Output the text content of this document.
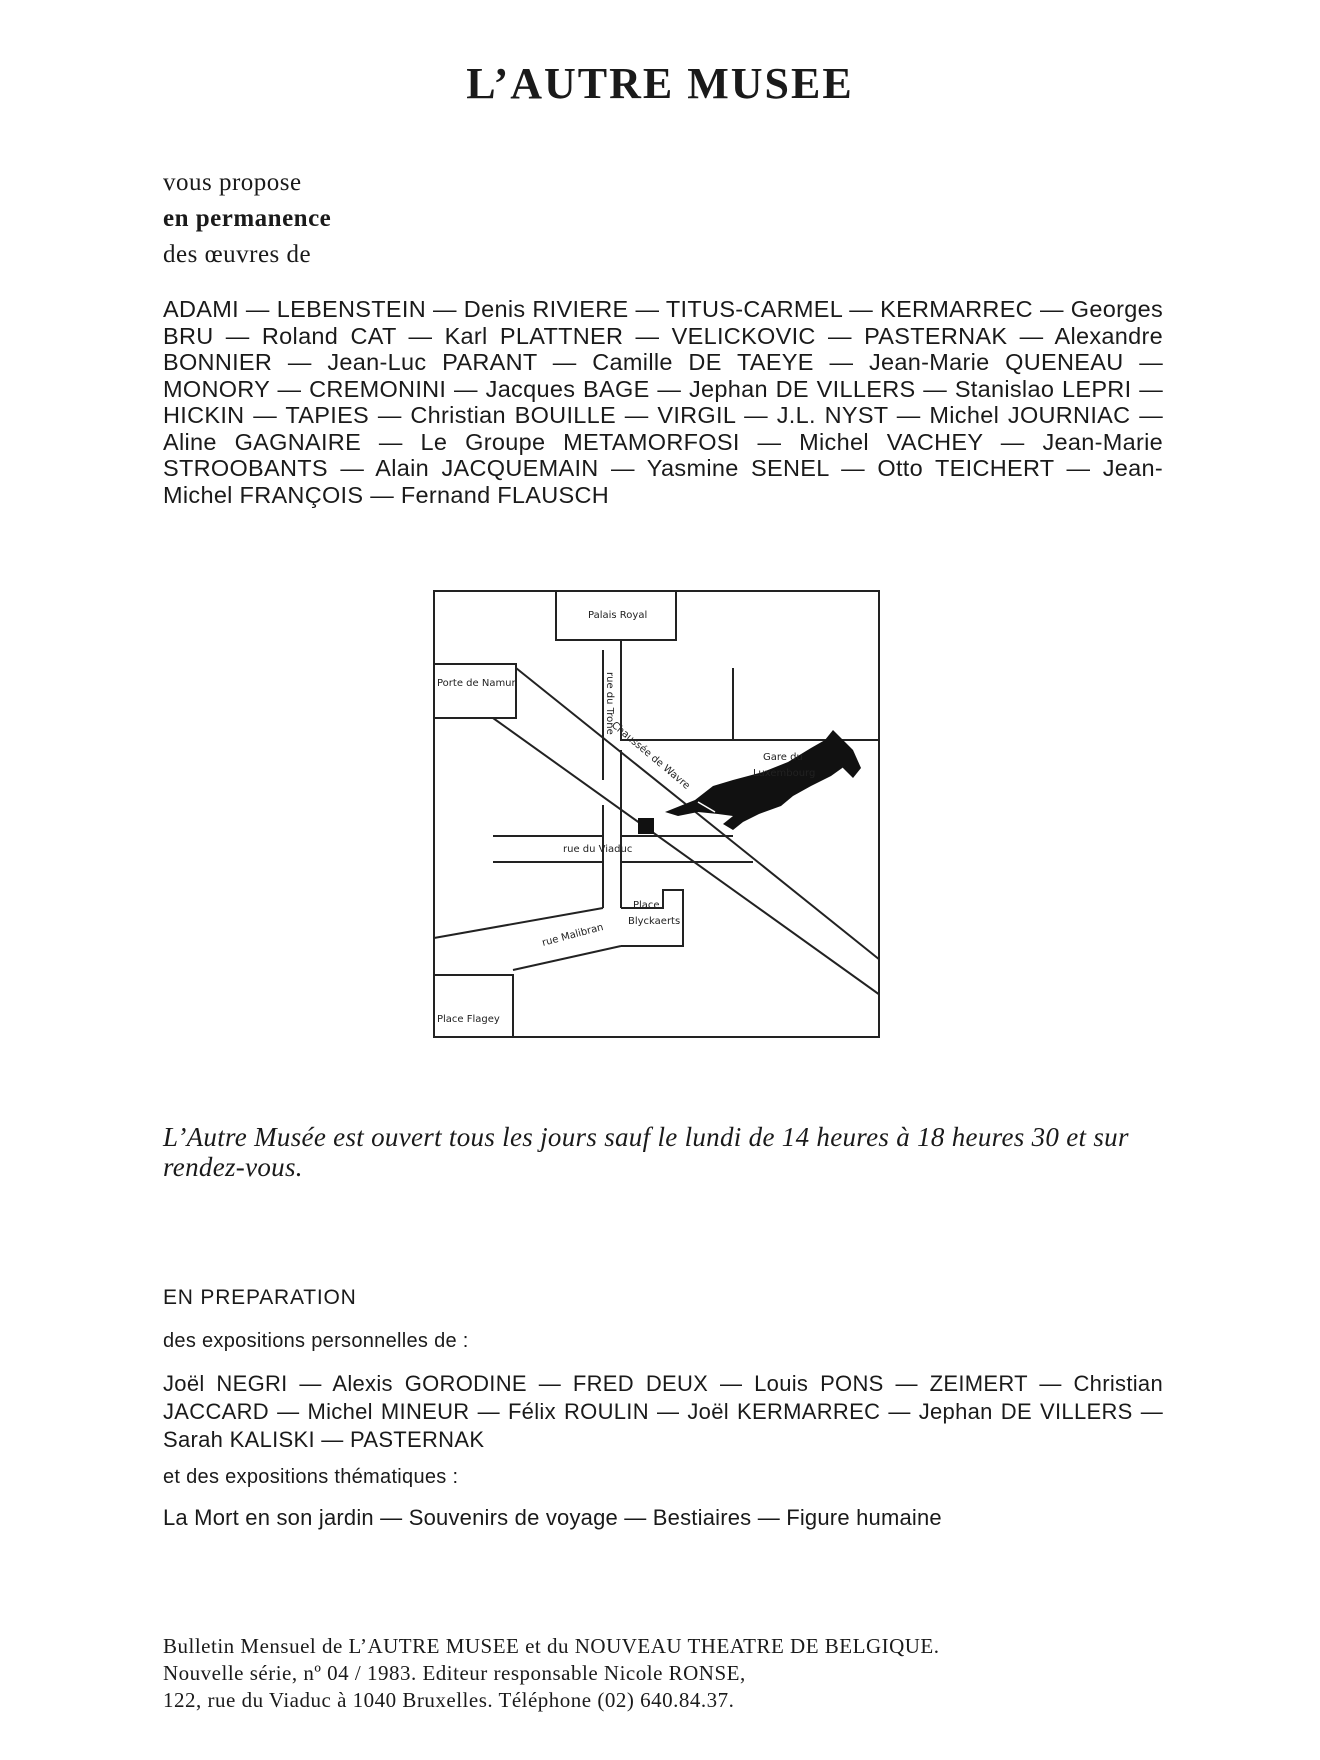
L’AUTRE MUSEE
vous propose
en permanence
des œuvres de

ADAMI — LEBENSTEIN — Denis RIVIERE — TITUS-CARMEL — KERMARREC — Georges BRU — Roland CAT — Karl PLATTNER — VELICKOVIC — PASTERNAK — Alexandre BONNIER — Jean-Luc PARANT — Camille DE TAEYE — Jean-Marie QUENEAU — MONORY — CREMONINI — Jacques BAGE — Jephan DE VILLERS — Stanislao LEPRI — HICKIN — TAPIES — Christian BOUILLE — VIRGIL — J.L. NYST — Michel JOURNIAC — Aline GAGNAIRE — Le Groupe METAMORFOSI — Michel VACHEY — Jean-Marie STROOBANTS — Alain JACQUEMAIN — Yasmine SENEL — Otto TEICHERT — Jean-Michel FRANÇOIS — Fernand FLAUSCH

Palais Royal
Porte de Namur	rue du Trone
Gare du
Luxembourg
Chaussée de Wavre
rue du Viaduc
Place
Blyckaerts
rue Malibran
Place Flagey

L’Autre Musée est ouvert tous les jours sauf le lundi de 14 heures à 18 heures 30 et sur rendez-vous.

EN PREPARATION

des expositions personnelles de :

Joël NEGRI — Alexis GORODINE — FRED DEUX — Louis PONS — ZEIMERT — Christian JACCARD — Michel MINEUR — Félix ROULIN — Joël KERMARREC — Jephan DE VILLERS — Sarah KALISKI — PASTERNAK

et des expositions thématiques :

La Mort en son jardin — Souvenirs de voyage — Bestiaires — Figure humaine

Bulletin Mensuel de L’AUTRE MUSEE et du NOUVEAU THEATRE DE BELGIQUE.
Nouvelle série, nº 04 / 1983. Editeur responsable Nicole RONSE,
122, rue du Viaduc à 1040 Bruxelles. Téléphone (02) 640.84.37.
